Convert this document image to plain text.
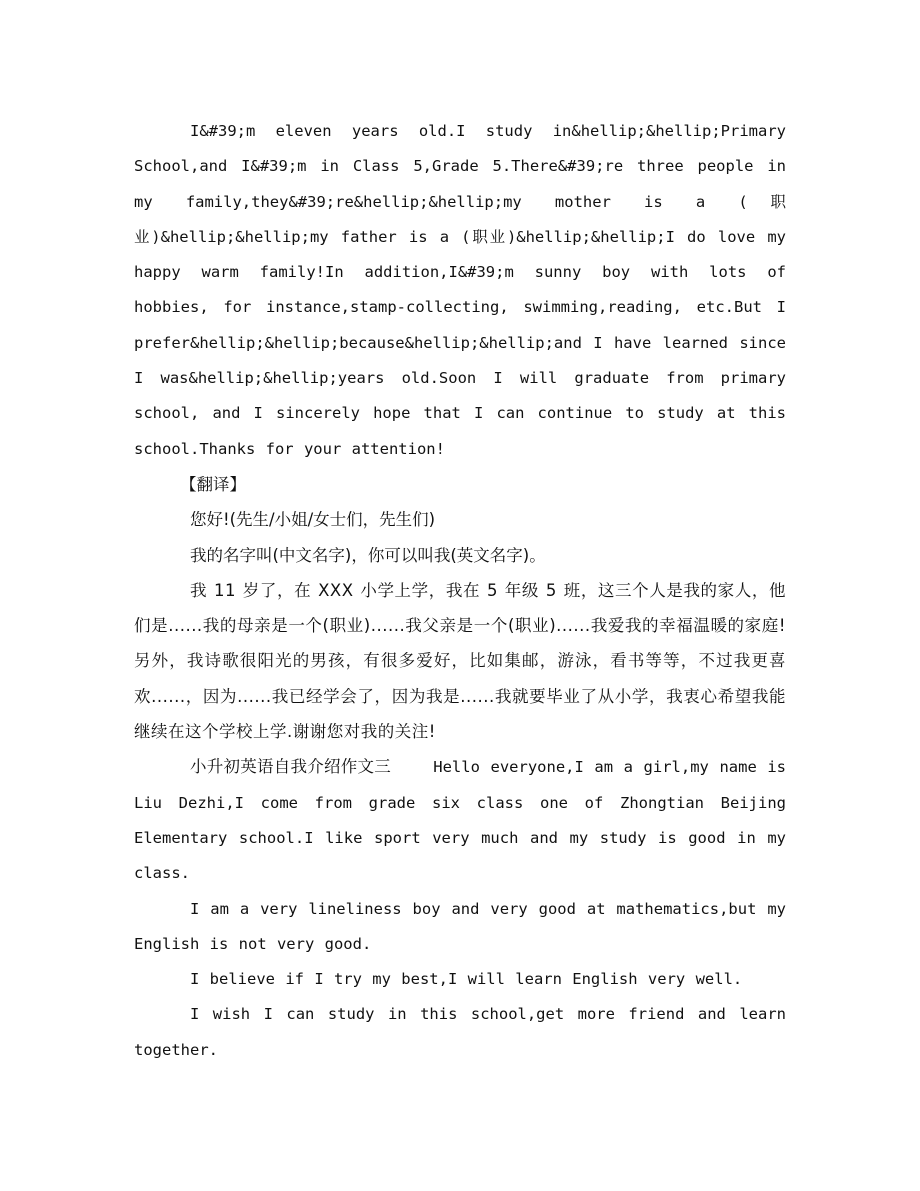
I&#39;m eleven years old.I study in&hellip;&hellip;Primary School,and I&#39;m in Class 5,Grade 5.There&#39;re three people in my family,they&#39;re&hellip;&hellip;my mother is a (职业)&hellip;&hellip;my father is a (职业)&hellip;&hellip;I do love my happy warm family!In addition,I&#39;m sunny boy with lots of hobbies, for instance,stamp-collecting, swimming,reading, etc.But I prefer&hellip;&hellip;because&hellip;&hellip;and I have learned since I was&hellip;&hellip;years old.Soon I will graduate from primary school, and I sincerely hope that I can continue to study at this school.Thanks for your attention!

【翻译】

您好!(先生/小姐/女士们，先生们)

我的名字叫(中文名字)，你可以叫我(英文名字)。

我 11 岁了，在 XXX 小学上学，我在 5 年级 5 班，这三个人是我的家人，他们是......我的母亲是一个(职业)......我父亲是一个(职业)......我爱我的幸福温暖的家庭!另外，我诗歌很阳光的男孩，有很多爱好，比如集邮，游泳，看书等等，不过我更喜欢......，因为......我已经学会了，因为我是......我就要毕业了从小学，我衷心希望我能继续在这个学校上学.谢谢您对我的关注!

小升初英语自我介绍作文三	Hello everyone,I am a girl,my name is Liu Dezhi,I come from grade six class one of Zhongtian Beijing Elementary school.I like sport very much and my study is good in my class.

I am a very lineliness boy and very good at mathematics,but my English is not very good.

I believe if I try my best,I will learn English very well.

I wish I can study in this school,get more friend and learn together.
